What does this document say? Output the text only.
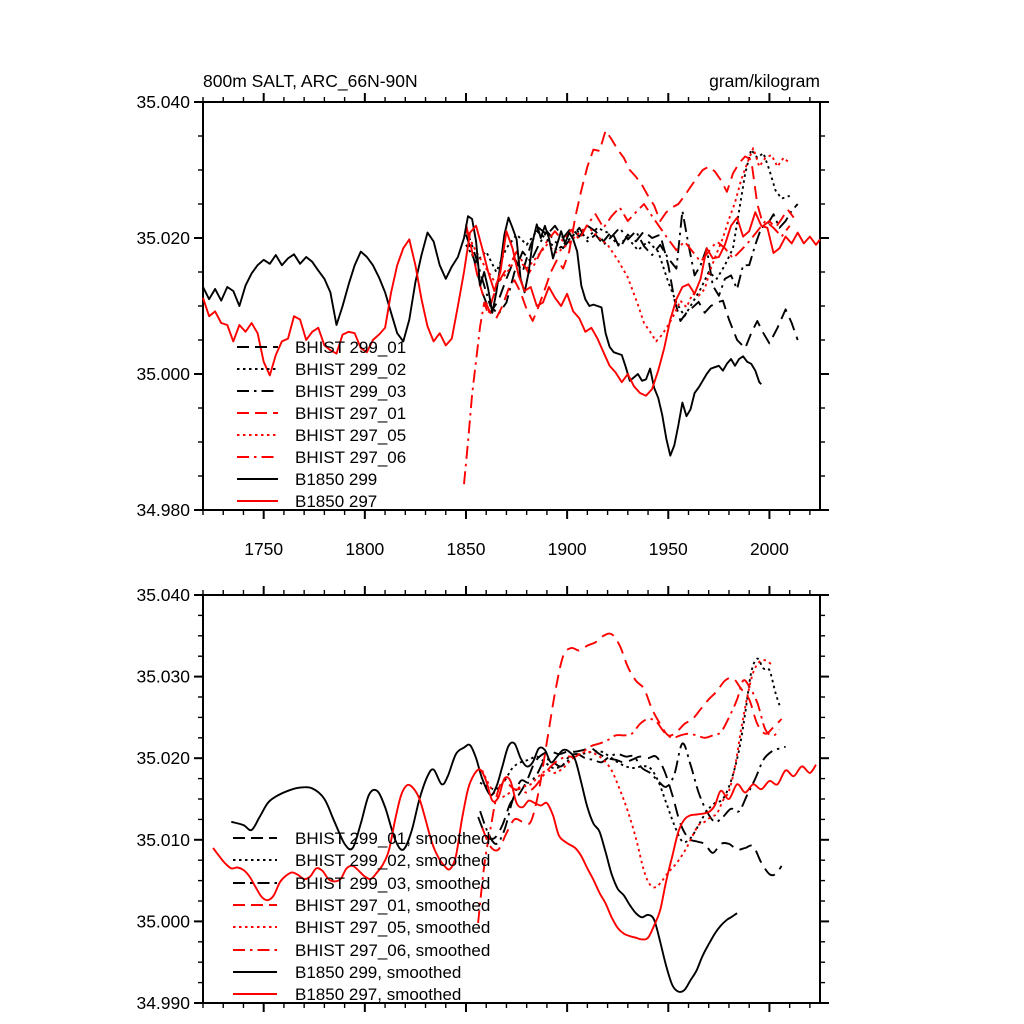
800m SALT, ARC_66N-90N	gram/kilogram
1750	1800	1850	1900	1950	2000
34.980
35.000
35.020
35.040
BHIST 299_01
BHIST 299_02
BHIST 299_03
BHIST 297_01
BHIST 297_05
BHIST 297_06
B1850 299
B1850 297
34.990
35.000
35.010
35.020
35.030
35.040
BHIST 299_01, smoothed
BHIST 299_02, smoothed
BHIST 299_03, smoothed
BHIST 297_01, smoothed
BHIST 297_05, smoothed
BHIST 297_06, smoothed
B1850 299, smoothed
B1850 297, smoothed
